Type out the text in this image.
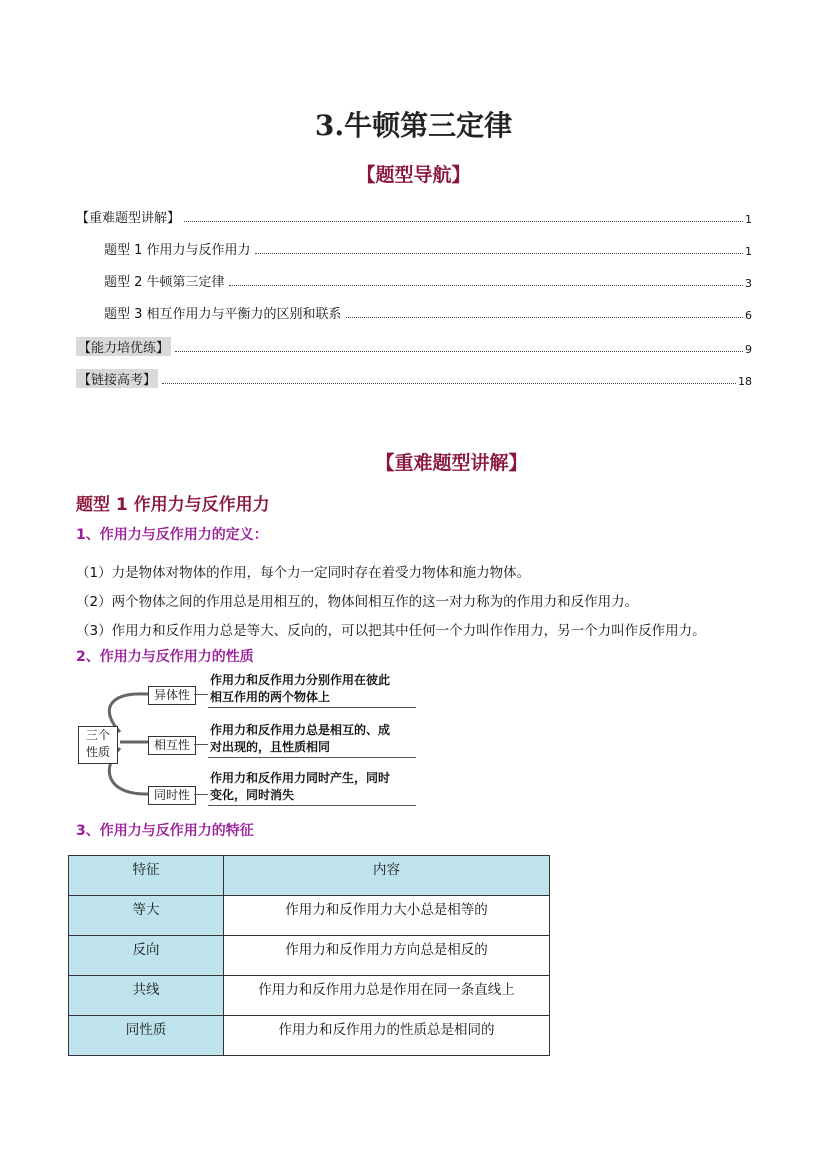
3.牛顿第三定律
【题型导航】
【重难题型讲解】	1
题型 1 作用力与反作用力	1
题型 2 牛顿第三定律	3
题型 3 相互作用力与平衡力的区别和联系	6
【能力培优练】	9
【链接高考】	18
【重难题型讲解】
题型 1 作用力与反作用力
1、作用力与反作用力的定义：
（1）力是物体对物体的作用，每个力一定同时存在着受力物体和施力物体。
（2）两个物体之间的作用总是用相互的，物体间相互作的这一对力称为的作用力和反作用力。
（3）作用力和反作用力总是等大、反向的，可以把其中任何一个力叫作作用力，另一个力叫作反作用力。
2、作用力与反作用力的性质
三个
性质
异体性
作用力和反作用力分别作用在彼此
相互作用的两个物体上
相互性
作用力和反作用力总是相互的、成
对出现的，且性质相同
同时性
作用力和反作用力同时产生，同时
变化，同时消失
3、作用力与反作用力的特征
特征	内容
等大	作用力和反作用力大小总是相等的
反向	作用力和反作用力方向总是相反的
共线	作用力和反作用力总是作用在同一条直线上
同性质	作用力和反作用力的性质总是相同的
